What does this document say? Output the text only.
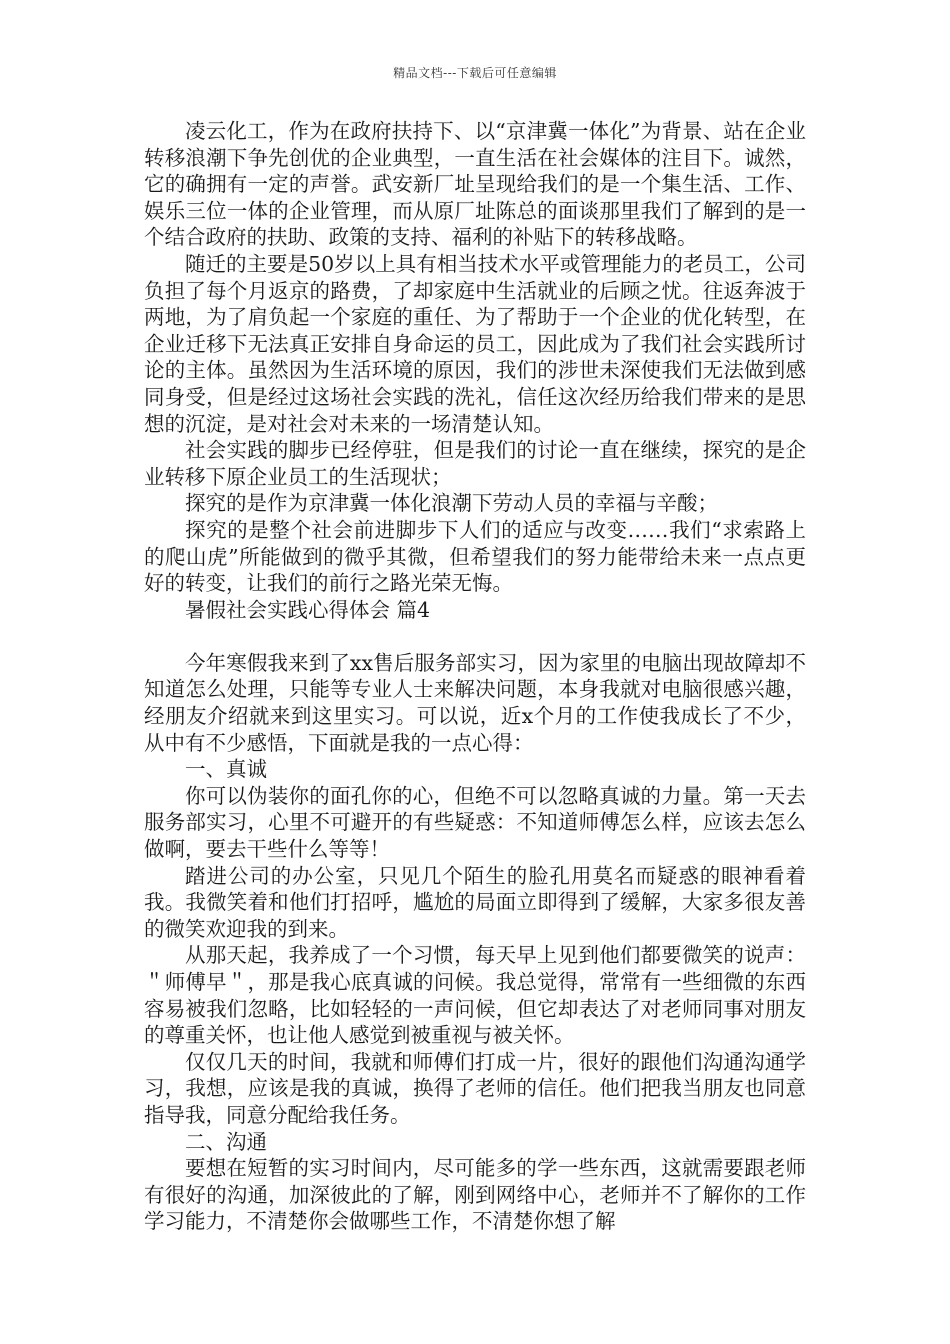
精品文档---下载后可任意编辑

凌云化工，作为在政府扶持下、以“京津冀一体化”为背景、站在企业转移浪潮下争先创优的企业典型，一直生活在社会媒体的注目下。诚然，它的确拥有一定的声誉。武安新厂址呈现给我们的是一个集生活、工作、娱乐三位一体的企业管理，而从原厂址陈总的面谈那里我们了解到的是一个结合政府的扶助、政策的支持、福利的补贴下的转移战略。

随迁的主要是50岁以上具有相当技术水平或管理能力的老员工，公司负担了每个月返京的路费，了却家庭中生活就业的后顾之忧。往返奔波于两地，为了肩负起一个家庭的重任、为了帮助于一个企业的优化转型，在企业迁移下无法真正安排自身命运的员工，因此成为了我们社会实践所讨论的主体。虽然因为生活环境的原因，我们的涉世未深使我们无法做到感同身受，但是经过这场社会实践的洗礼，信任这次经历给我们带来的是思想的沉淀，是对社会对未来的一场清楚认知。

社会实践的脚步已经停驻，但是我们的讨论一直在继续，探究的是企业转移下原企业员工的生活现状；

探究的是作为京津冀一体化浪潮下劳动人员的幸福与辛酸；

探究的是整个社会前进脚步下人们的适应与改变……我们“求索路上的爬山虎”所能做到的微乎其微，但希望我们的努力能带给未来一点点更好的转变，让我们的前行之路光荣无悔。

暑假社会实践心得体会 篇4

今年寒假我来到了xx售后服务部实习，因为家里的电脑出现故障却不知道怎么处理，只能等专业人士来解决问题，本身我就对电脑很感兴趣，经朋友介绍就来到这里实习。可以说，近x个月的工作使我成长了不少，从中有不少感悟，下面就是我的一点心得：

一、真诚

你可以伪装你的面孔你的心，但绝不可以忽略真诚的力量。第一天去服务部实习，心里不可避开的有些疑惑：不知道师傅怎么样，应该去怎么做啊，要去干些什么等等！

踏进公司的办公室，只见几个陌生的脸孔用莫名而疑惑的眼神看着我。我微笑着和他们打招呼，尴尬的局面立即得到了缓解，大家多很友善的微笑欢迎我的到来。

从那天起，我养成了一个习惯，每天早上见到他们都要微笑的说声：＂师傅早＂，那是我心底真诚的问候。我总觉得，常常有一些细微的东西容易被我们忽略，比如轻轻的一声问候，但它却表达了对老师同事对朋友的尊重关怀，也让他人感觉到被重视与被关怀。

仅仅几天的时间，我就和师傅们打成一片，很好的跟他们沟通沟通学习，我想，应该是我的真诚，换得了老师的信任。他们把我当朋友也同意指导我，同意分配给我任务。

二、沟通

要想在短暂的实习时间内，尽可能多的学一些东西，这就需要跟老师有很好的沟通，加深彼此的了解，刚到网络中心，老师并不了解你的工作学习能力，不清楚你会做哪些工作，不清楚你想了解
